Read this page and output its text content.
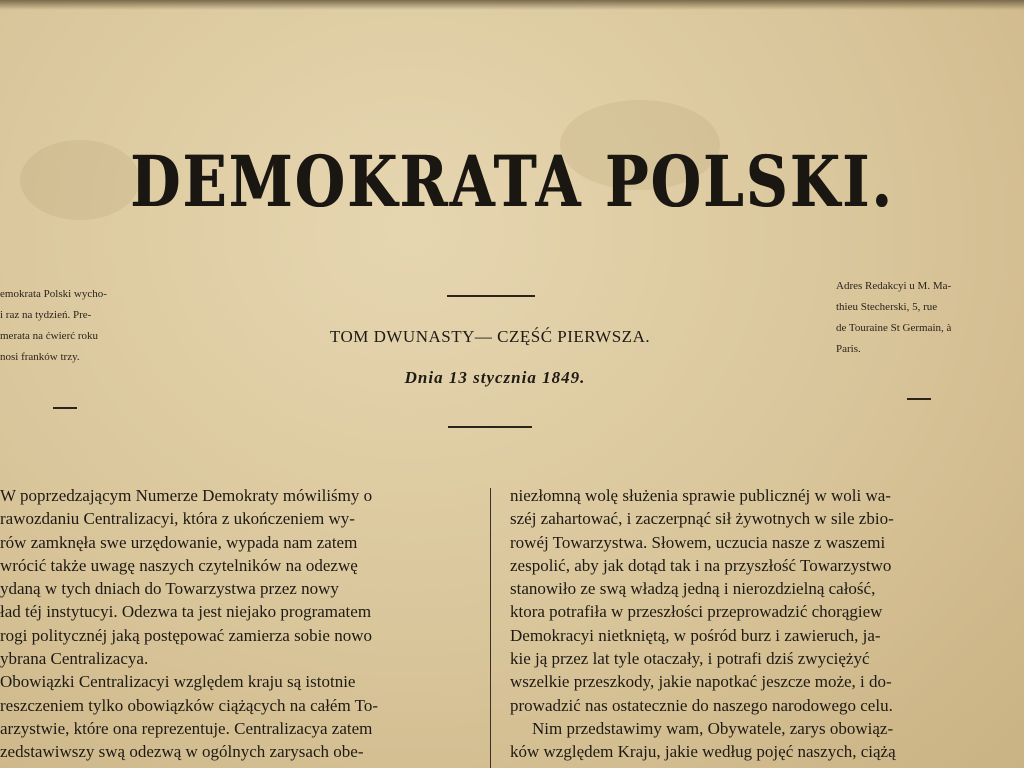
DEMOKRATA POLSKI.
emokrata Polski wycho-
i raz na tydzień. Pre-
merata na ćwierć roku
nosi franków trzy.
Adres Redakcyi u M. Ma-
thieu Stecherski, 5, rue
de Touraine St Germain, à
Paris.
TOM DWUNASTY— CZĘŚĆ PIERWSZA.
Dnia 13 stycznia 1849.
W poprzedzającym Numerze Demokraty mówiliśmy o
rawozdaniu Centralizacyi, która z ukończeniem wy-
rów zamknęła swe urzędowanie, wypada nam zatem
wrócić także uwagę naszych czytelników na odezwę
ydaną w tych dniach do Towarzystwa przez nowy
ład téj instytucyi. Odezwa ta jest niejako programatem
rogi politycznéj jaką postępować zamierza sobie nowo
ybrana Centralizacya.
Obowiązki Centralizacyi względem kraju są istotnie
reszczeniem tylko obowiązków ciążących na całém To-
arzystwie, które ona reprezentuje. Centralizacya zatem
zedstawiwszy swą odezwą w ogólnych zarysach obe-
niezłomną wolę służenia sprawie publicznéj w woli wa-
széj zahartować, i zaczerpnąć sił żywotnych w sile zbio-
rowéj Towarzystwa. Słowem, uczucia nasze z waszemi
zespolić, aby jak dotąd tak i na przyszłość Towarzystwo
stanowiło ze swą władzą jedną i nierozdzielną całość,
ktora potrafiła w przeszłości przeprowadzić chorągiew
Demokracyi nietkniętą, w pośród burz i zawieruch, ja-
kie ją przez lat tyle otaczały, i potrafi dziś zwyciężyć
wszelkie przeszkody, jakie napotkać jeszcze może, i do-
prowadzić nas ostatecznie do naszego narodowego celu.
Nim przedstawimy wam, Obywatele, zarys obowiąz-
ków względem Kraju, jakie według pojęć naszych, ciążą
